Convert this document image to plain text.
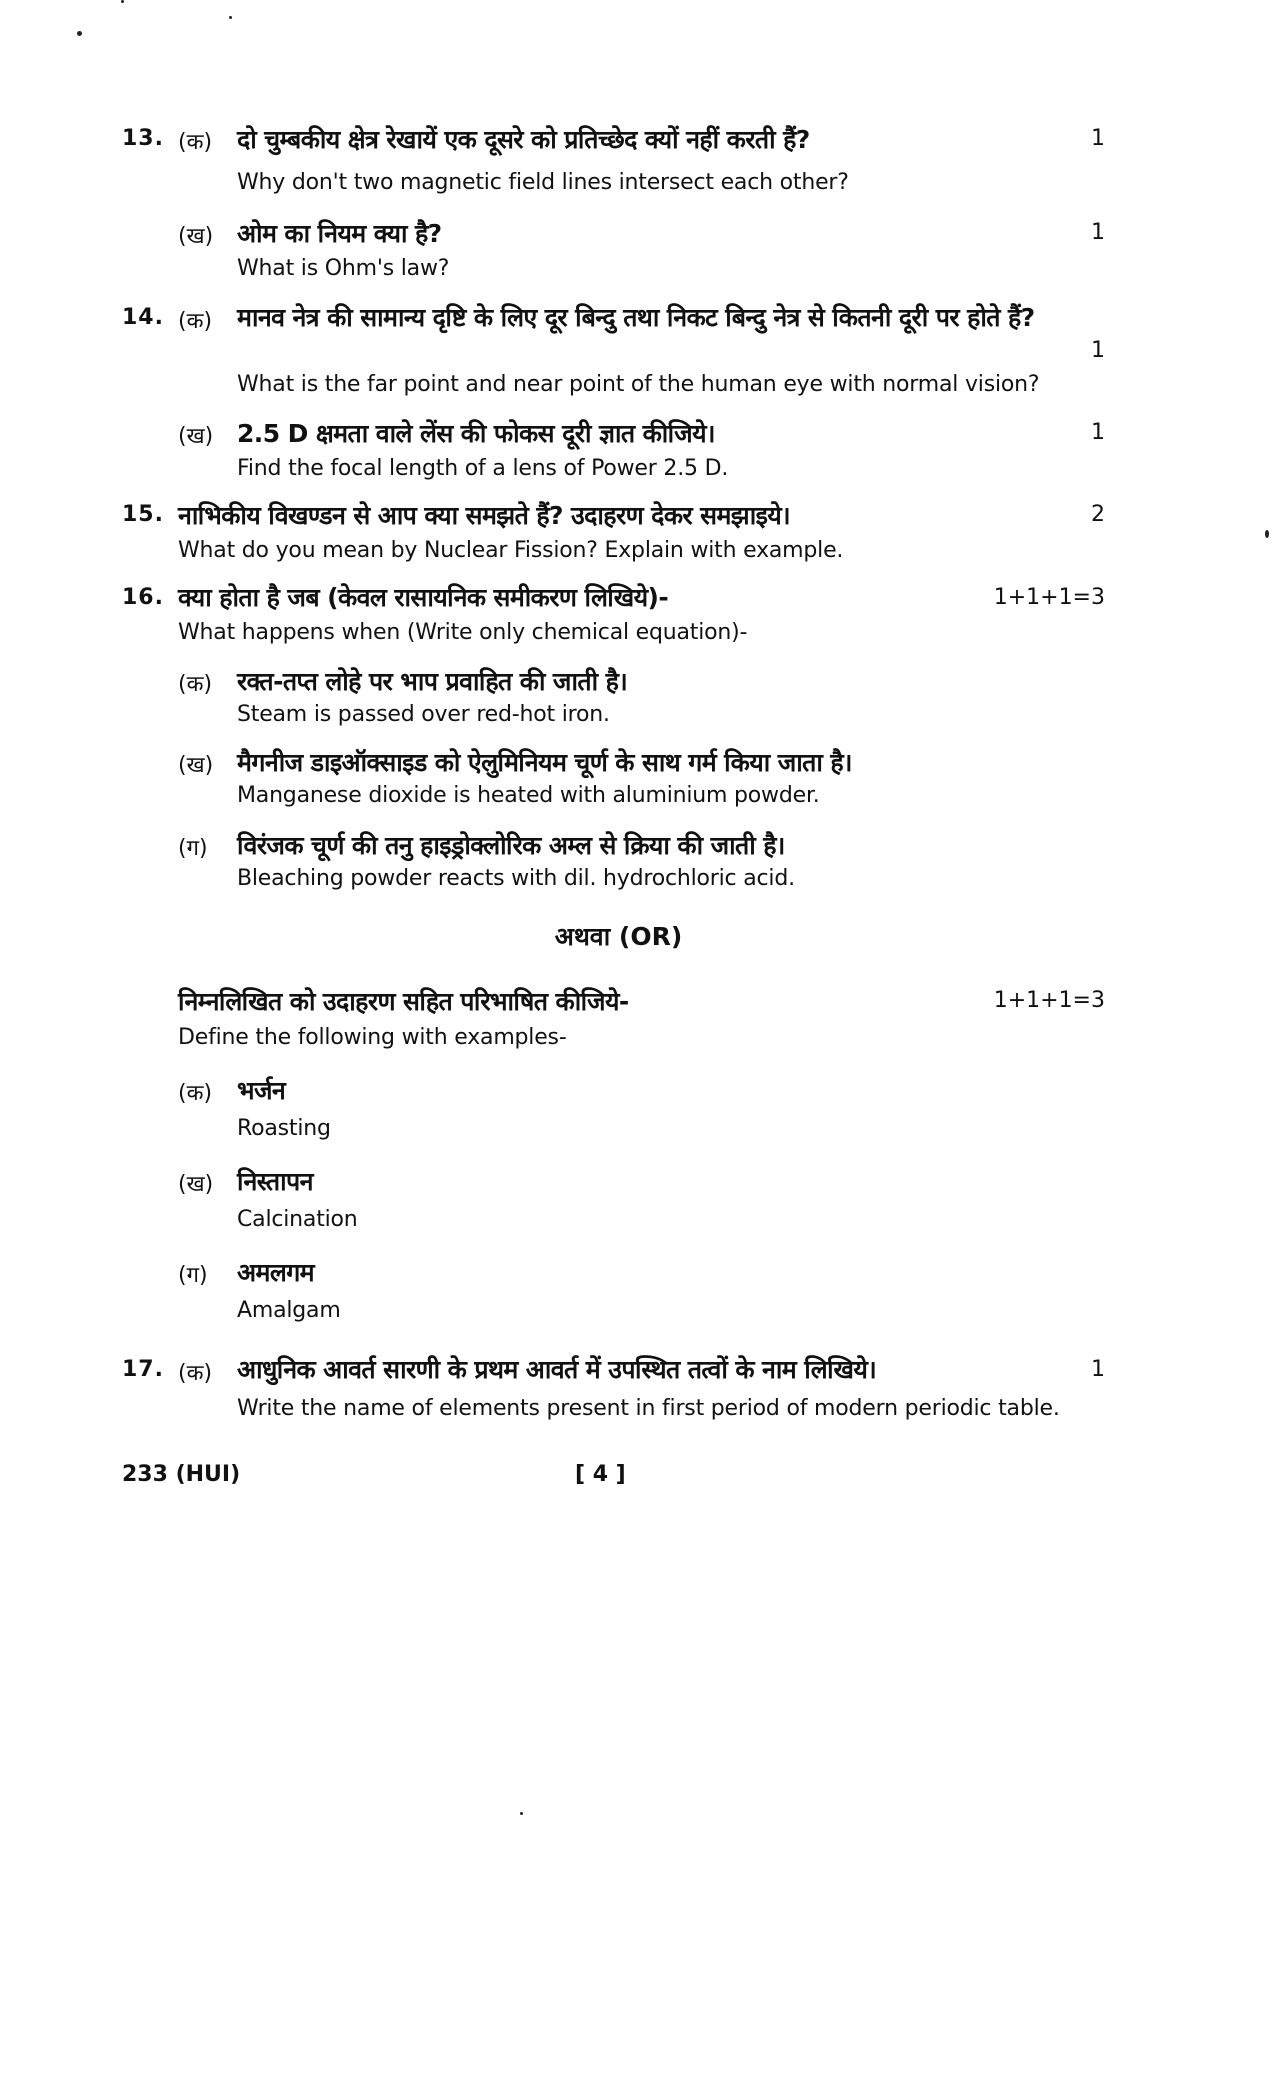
13. (क) दो चुम्बकीय क्षेत्र रेखायें एक दूसरे को प्रतिच्छेद क्यों नहीं करती हैं?	1
Why don't two magnetic field lines intersect each other?
(ख) ओम का नियम क्या है?	1
What is Ohm's law?
14. (क) मानव नेत्र की सामान्य दृष्टि के लिए दूर बिन्दु तथा निकट बिन्दु नेत्र से कितनी दूरी पर होते हैं?
1
What is the far point and near point of the human eye with normal vision?
(ख) 2.5 D क्षमता वाले लेंस की फोकस दूरी ज्ञात कीजिये।	1
Find the focal length of a lens of Power 2.5 D.
15. नाभिकीय विखण्डन से आप क्या समझते हैं? उदाहरण देकर समझाइये।	2
What do you mean by Nuclear Fission? Explain with example.
16. क्या होता है जब (केवल रासायनिक समीकरण लिखिये)-	1+1+1=3
What happens when (Write only chemical equation)-
(क) रक्त-तप्त लोहे पर भाप प्रवाहित की जाती है।
Steam is passed over red-hot iron.
(ख) मैगनीज डाइऑक्साइड को ऐलुमिनियम चूर्ण के साथ गर्म किया जाता है।
Manganese dioxide is heated with aluminium powder.
(ग) विरंजक चूर्ण की तनु हाइड्रोक्लोरिक अम्ल से क्रिया की जाती है।
Bleaching powder reacts with dil. hydrochloric acid.
अथवा (OR)
निम्नलिखित को उदाहरण सहित परिभाषित कीजिये-	1+1+1=3
Define the following with examples-
(क) भर्जन
Roasting
(ख) निस्तापन
Calcination
(ग) अमलगम
Amalgam
17. (क) आधुनिक आवर्त सारणी के प्रथम आवर्त में उपस्थित तत्वों के नाम लिखिये।	1
Write the name of elements present in first period of modern periodic table.
233 (HUI)	[ 4 ]
